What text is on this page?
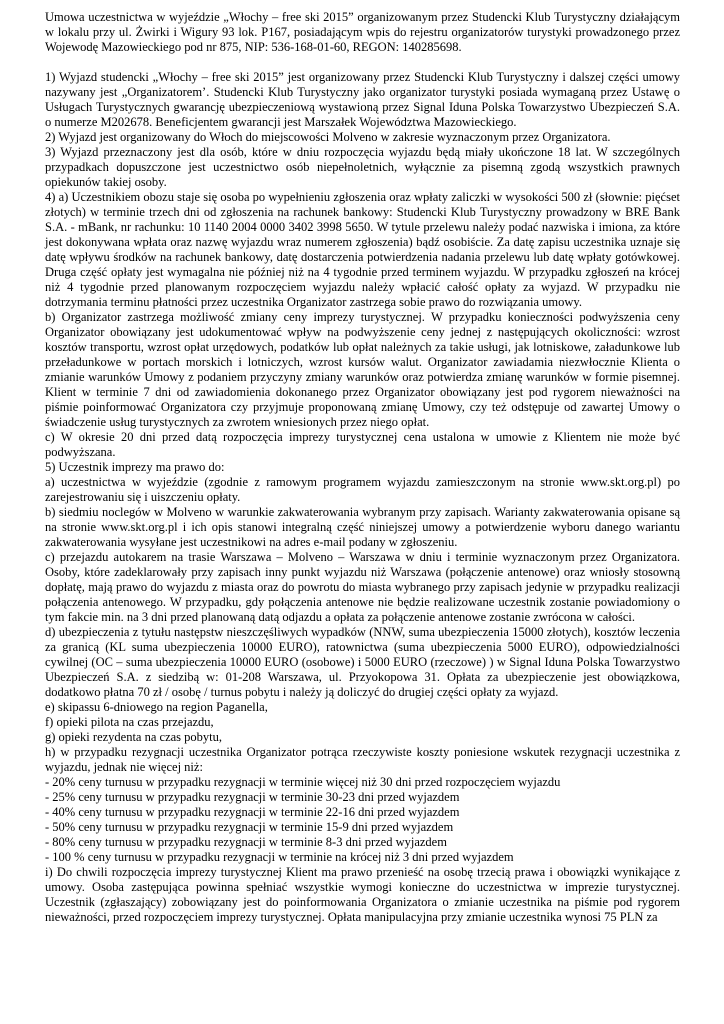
Umowa uczestnictwa w wyjeździe „Włochy – free ski 2015” organizowanym przez Studencki Klub Turystyczny działającym w lokalu przy ul. Żwirki i Wigury 93 lok. P167, posiadającym wpis do rejestru organizatorów turystyki prowadzonego przez Wojewodę Mazowieckiego pod nr 875, NIP: 536-168-01-60, REGON: 140285698.

1) Wyjazd studencki „Włochy – free ski 2015” jest organizowany przez Studencki Klub Turystyczny i dalszej części umowy nazywany jest „Organizatorem’. Studencki Klub Turystyczny jako organizator turystyki posiada wymaganą przez Ustawę o Usługach Turystycznych gwarancję ubezpieczeniową wystawioną przez Signal Iduna Polska Towarzystwo Ubezpieczeń S.A. o numerze M202678. Beneficjentem gwarancji jest Marszałek Województwa Mazowieckiego.

2) Wyjazd jest organizowany do Włoch do miejscowości Molveno w zakresie wyznaczonym przez Organizatora.

3) Wyjazd przeznaczony jest dla osób, które w dniu rozpoczęcia wyjazdu będą miały ukończone 18 lat. W szczególnych przypadkach dopuszczone jest uczestnictwo osób niepełnoletnich, wyłącznie za pisemną zgodą wszystkich prawnych opiekunów takiej osoby.

4) a) Uczestnikiem obozu staje się osoba po wypełnieniu zgłoszenia oraz wpłaty zaliczki w wysokości 500 zł (słownie: pięćset złotych) w terminie trzech dni od zgłoszenia na rachunek bankowy: Studencki Klub Turystyczny prowadzony w BRE Bank S.A. - mBank, nr rachunku: 10 1140 2004 0000 3402 3998 5650. W tytule przelewu należy podać nazwiska i imiona, za które jest dokonywana wpłata oraz nazwę wyjazdu wraz numerem zgłoszenia) bądź osobiście. Za datę zapisu uczestnika uznaje się datę wpływu środków na rachunek bankowy, datę dostarczenia potwierdzenia nadania przelewu lub datę wpłaty gotówkowej. Druga część opłaty jest wymagalna nie później niż na 4 tygodnie przed terminem wyjazdu. W przypadku zgłoszeń na krócej niż 4 tygodnie przed planowanym rozpoczęciem wyjazdu należy wpłacić całość opłaty za wyjazd. W przypadku nie dotrzymania terminu płatności przez uczestnika Organizator zastrzega sobie prawo do rozwiązania umowy.

b) Organizator zastrzega możliwość zmiany ceny imprezy turystycznej. W przypadku konieczności podwyższenia ceny Organizator obowiązany jest udokumentować wpływ na podwyższenie ceny jednej z następujących okoliczności: wzrost kosztów transportu, wzrost opłat urzędowych, podatków lub opłat należnych za takie usługi, jak lotniskowe, załadunkowe lub przeładunkowe w portach morskich i lotniczych, wzrost kursów walut. Organizator zawiadamia niezwłocznie Klienta o zmianie warunków Umowy z podaniem przyczyny zmiany warunków oraz potwierdza zmianę warunków w formie pisemnej. Klient w terminie 7 dni od zawiadomienia dokonanego przez Organizator obowiązany jest pod rygorem nieważności na piśmie poinformować Organizatora czy przyjmuje proponowaną zmianę Umowy, czy też odstępuje od zawartej Umowy o świadczenie usług turystycznych za zwrotem wniesionych przez niego opłat.

c) W okresie 20 dni przed datą rozpoczęcia imprezy turystycznej cena ustalona w umowie z Klientem nie może być podwyższana.

5) Uczestnik imprezy ma prawo do:

a) uczestnictwa w wyjeździe (zgodnie z ramowym programem wyjazdu zamieszczonym na stronie www.skt.org.pl) po zarejestrowaniu się i uiszczeniu opłaty.

b) siedmiu noclegów w Molveno w warunkie zakwaterowania wybranym przy zapisach. Warianty zakwaterowania opisane są na stronie www.skt.org.pl i ich opis stanowi integralną część niniejszej umowy a potwierdzenie wyboru danego wariantu zakwaterowania wysyłane jest uczestnikowi na adres e-mail podany w zgłoszeniu.

c) przejazdu autokarem na trasie Warszawa – Molveno – Warszawa w dniu i terminie wyznaczonym przez Organizatora. Osoby, które zadeklarowały przy zapisach inny punkt wyjazdu niż Warszawa (połączenie antenowe) oraz wniosły stosowną dopłatę, mają prawo do wyjazdu z miasta oraz do powrotu do miasta wybranego przy zapisach jedynie w przypadku realizacji połączenia antenowego. W przypadku, gdy połączenia antenowe nie będzie realizowane uczestnik zostanie powiadomiony o tym fakcie min. na 3 dni przed planowaną datą odjazdu a opłata za połączenie antenowe zostanie zwrócona w całości.

d) ubezpieczenia z tytułu następstw nieszczęśliwych wypadków (NNW, suma ubezpieczenia 15000 złotych), kosztów leczenia za granicą (KL suma ubezpieczenia 10000 EURO), ratownictwa (suma ubezpieczenia 5000 EURO), odpowiedzialności cywilnej (OC – suma ubezpieczenia 10000 EURO (osobowe) i 5000 EURO (rzeczowe) ) w Signal Iduna Polska Towarzystwo Ubezpieczeń S.A. z siedzibą w: 01-208 Warszawa, ul. Przyokopowa 31. Opłata za ubezpieczenie jest obowiązkowa, dodatkowo płatna 70 zł / osobę / turnus pobytu i należy ją doliczyć do drugiej części opłaty za wyjazd.

e) skipassu 6-dniowego na region Paganella,

f) opieki pilota na czas przejazdu,

g) opieki rezydenta na czas pobytu,

h) w przypadku rezygnacji uczestnika Organizator potrąca rzeczywiste koszty poniesione wskutek rezygnacji uczestnika z wyjazdu, jednak nie więcej niż:

- 20% ceny turnusu w przypadku rezygnacji w terminie więcej niż 30 dni przed rozpoczęciem wyjazdu

- 25% ceny turnusu w przypadku rezygnacji w terminie 30-23 dni przed wyjazdem

- 40% ceny turnusu w przypadku rezygnacji w terminie 22-16 dni przed wyjazdem

- 50% ceny turnusu w przypadku rezygnacji w terminie 15-9 dni przed wyjazdem

- 80% ceny turnusu w przypadku rezygnacji w terminie 8-3 dni przed wyjazdem

- 100 % ceny turnusu w przypadku rezygnacji w terminie na krócej niż 3 dni przed wyjazdem

i) Do chwili rozpoczęcia imprezy turystycznej Klient ma prawo przenieść na osobę trzecią prawa i obowiązki wynikające z umowy. Osoba zastępująca powinna spełniać wszystkie wymogi konieczne do uczestnictwa w imprezie turystycznej. Uczestnik (zgłaszający) zobowiązany jest do poinformowania Organizatora o zmianie uczestnika na piśmie pod rygorem nieważności, przed rozpoczęciem imprezy turystycznej. Opłata manipulacyjna przy zmianie uczestnika wynosi 75 PLN za
